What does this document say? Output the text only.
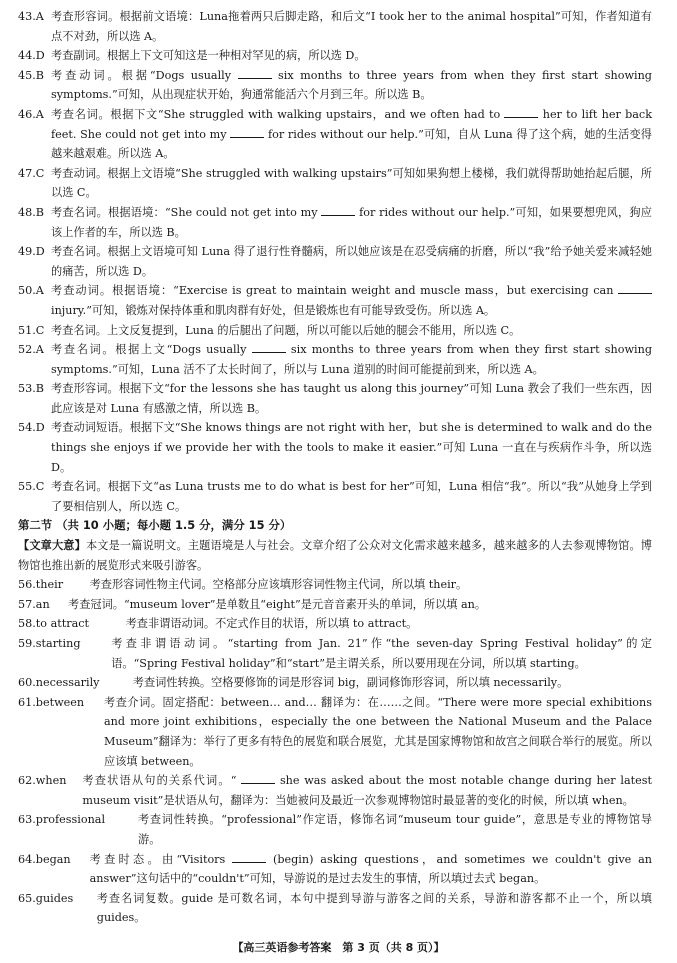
43.A 考查形容词。根据前文语境：Luna拖着两只后脚走路，和后文“I took her to the animal hospital”可知，作者知道有点不对劲，所以选 A。
44.D 考查副词。根据上下文可知这是一种相对罕见的病，所以选 D。
45.B 考查动词。根据“Dogs usually	six months to three years from when they first start showing symptoms.”可知，从出现症状开始，狗通常能活六个月到三年。所以选 B。
46.A 考查名词。根据下文“She struggled with walking upstairs，and we often had to	her to lift her back feet. She could not get into my	for rides without our help.”可知，自从 Luna 得了这个病，她的生活变得越来越艰难。所以选 A。
47.C 考查动词。根据上文语境“She struggled with walking upstairs”可知如果狗想上楼梯，我们就得帮助她抬起后腿，所以选 C。
48.B 考查名词。根据语境：“She could not get into my	for rides without our help.”可知，如果要想兜风，狗应该上作者的车，所以选 B。
49.D 考查名词。根据上文语境可知 Luna 得了退行性脊髓病，所以她应该是在忍受病痛的折磨，所以“我”给予她关爱来减轻她的痛苦，所以选 D。
50.A 考查动词。根据语境：“Exercise is great to maintain weight and muscle mass，but exercising can  injury.”可知，锻炼对保持体重和肌肉群有好处，但是锻炼也有可能导致受伤。所以选 A。
51.C 考查名词。上文反复提到，Luna 的后腿出了问题，所以可能以后她的腿会不能用，所以选 C。
52.A 考查名词。根据上文“Dogs usually	six months to three years from when they first start showing symptoms.”可知，Luna 活不了太长时间了，所以与 Luna 道别的时间可能提前到来，所以选 A。
53.B 考查形容词。根据下文“for the lessons she has taught us along this journey”可知 Luna 教会了我们一些东西，因此应该是对 Luna 有感激之情，所以选 B。
54.D 考查动词短语。根据下文“She knows things are not right with her，but she is determined to walk and do the things she enjoys if we provide her with the tools to make it easier.”可知 Luna 一直在与疾病作斗争，所以选 D。
55.C 考查名词。根据下文“as Luna trusts me to do what is best for her”可知，Luna 相信“我”。所以“我”从她身上学到了要相信别人，所以选 C。
第二节 （共 10 小题；每小题 1.5 分，满分 15 分）
【文章大意】本文是一篇说明文。主题语境是人与社会。文章介绍了公众对文化需求越来越多，越来越多的人去参观博物馆。博物馆也推出新的展览形式来吸引游客。
56.their 考查形容词性物主代词。空格部分应该填形容词性物主代词，所以填 their。
57.an 考查冠词。“museum lover”是单数且“eight”是元音音素开头的单词，所以填 an。
58.to attract	考查非谓语动词。不定式作目的状语，所以填 to attract。
59.starting	考查非谓语动词。“starting from Jan. 21”作“the seven-day Spring Festival holiday”的定语。“Spring Festival holiday”和“start”是主谓关系，所以要用现在分词，所以填 starting。
60.necessarily	考查词性转换。空格要修饰的词是形容词 big，副词修饰形容词，所以填 necessarily。
61.between 考查介词。固定搭配：between… and… 翻译为：在……之间。“There were more special exhibitions and more joint exhibitions，especially the one between the National Museum and the Palace Museum”翻译为：举行了更多有特色的展览和联合展览，尤其是国家博物馆和故宫之间联合举行的展览。所以应该填 between。
62.when 考查状语从句的关系代词。“	she was asked about the most notable change during her latest museum visit”是状语从句，翻译为：当她被问及最近一次参观博物馆时最显著的变化的时候，所以填 when。
63.professional	考查词性转换。“professional”作定语，修饰名词“museum tour guide”，意思是专业的博物馆导游。
64.began 考查时态。由“Visitors	(begin) asking questions，and sometimes we couldn't give an answer”这句话中的“couldn't”可知，导游说的是过去发生的事情，所以填过去式 began。
65.guides 考查名词复数。guide 是可数名词，本句中提到导游与游客之间的关系，导游和游客都不止一个，所以填 guides。
【高三英语参考答案　第 3 页（共 8 页）】
